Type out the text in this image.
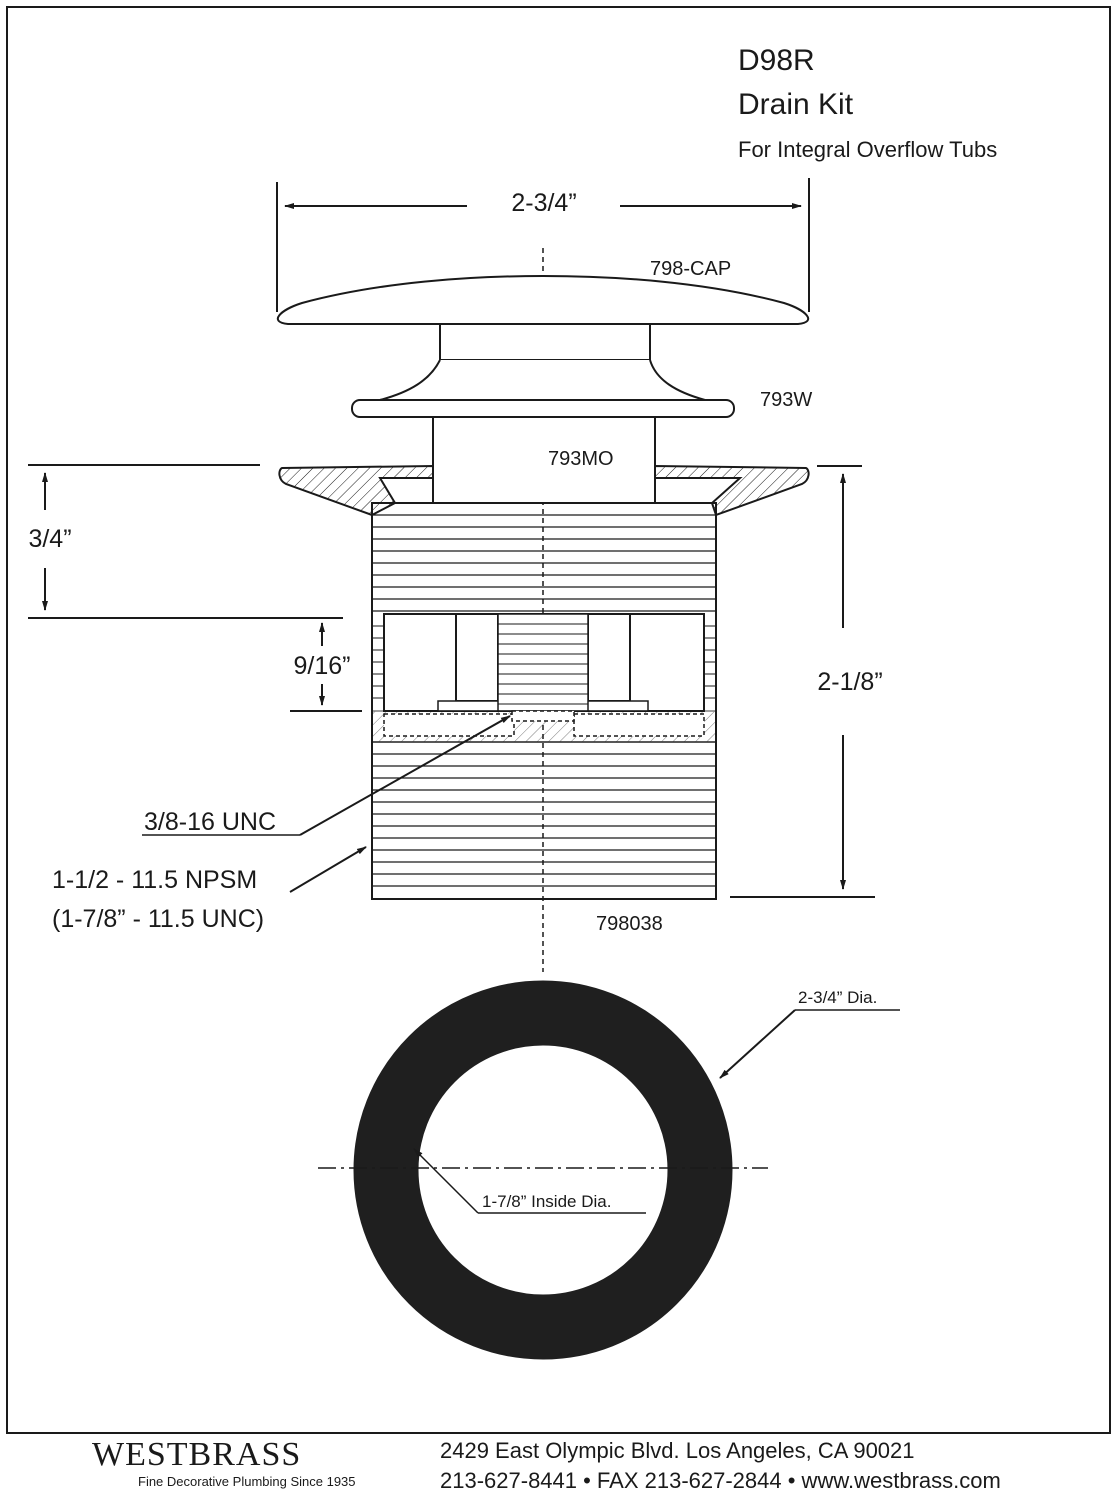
D98R
Drain Kit
For Integral Overflow Tubs
2-3/4”
798-CAP
793W
793MO
3/4”
9/16”
2-1/8”
3/8-16 UNC
1-1/2 - 11.5 NPSM
(1-7/8” - 11.5 UNC)	798038
2-3/4” Dia.
1-7/8” Inside Dia.
WESTBRASS
Fine Decorative Plumbing Since 1935
2429 East Olympic Blvd. Los Angeles, CA 90021
213-627-8441 • FAX 213-627-2844 • www.westbrass.com
